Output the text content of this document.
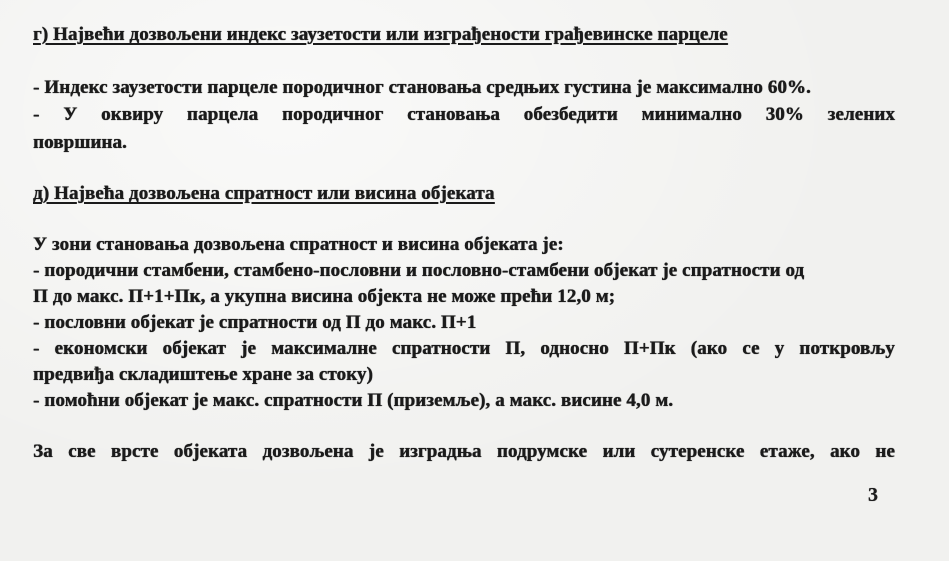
г) Највећи дозвољени индекс заузетости или изграђености грађевинске парцеле
- Индекс заузетости парцеле породичног становања средњих густина је максимално 60%.
- У оквиру парцела породичног становања обезбедити минимално 30% зелених
површина.
д) Највећа дозвољена спратност или висина објеката
У зони становања дозвољена спратност и висина објеката је:
- породични стамбени, стамбено-пословни и пословно-стамбени објекат је спратности од
П до макс. П+1+Пк, а укупна висина објекта не може прећи 12,0 м;
- пословни објекат је спратности од П до макс. П+1
- економски објекат је максималне спратности П, односно П+Пк (ако се у поткровљу
предвиђа складиштење хране за стоку)
- помоћни објекат је макс. спратности П (приземље), а макс. висине 4,0 м.
За све врсте објеката дозвољена је изградња подрумске или сутеренске етаже, ако не
3
